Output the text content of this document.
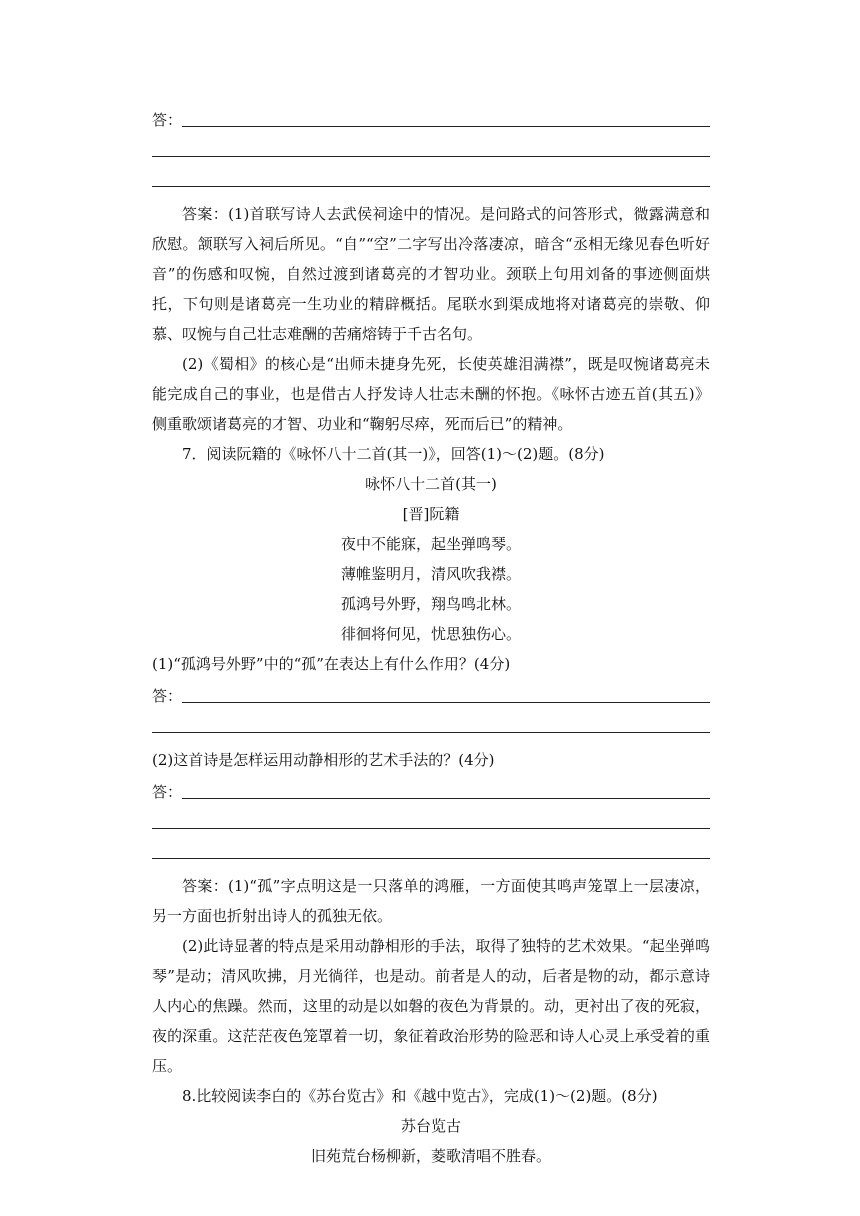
答：
答案：(1)首联写诗人去武侯祠途中的情况。是问路式的问答形式，微露满意和欣慰。颔联写入祠后所见。“自”“空”二字写出冷落凄凉，暗含“丞相无缘见春色听好音”的伤感和叹惋，自然过渡到诸葛亮的才智功业。颈联上句用刘备的事迹侧面烘托，下句则是诸葛亮一生功业的精辟概括。尾联水到渠成地将对诸葛亮的崇敬、仰慕、叹惋与自己壮志难酬的苦痛熔铸于千古名句。
(2)《蜀相》的核心是“出师未捷身先死，长使英雄泪满襟”，既是叹惋诸葛亮未能完成自己的事业，也是借古人抒发诗人壮志未酬的怀抱。《咏怀古迹五首(其五)》侧重歌颂诸葛亮的才智、功业和“鞠躬尽瘁，死而后已”的精神。
7．阅读阮籍的《咏怀八十二首(其一)》，回答(1)～(2)题。(8分)
咏怀八十二首(其一)
[晋]阮籍
夜中不能寐，起坐弹鸣琴。
薄帷鉴明月，清风吹我襟。
孤鸿号外野，翔鸟鸣北林。
徘徊将何见，忧思独伤心。
(1)“孤鸿号外野”中的“孤”在表达上有什么作用？(4分)
答：
(2)这首诗是怎样运用动静相形的艺术手法的？(4分)
答：
答案：(1)“孤”字点明这是一只落单的鸿雁，一方面使其鸣声笼罩上一层凄凉，另一方面也折射出诗人的孤独无依。
(2)此诗显著的特点是采用动静相形的手法，取得了独特的艺术效果。“起坐弹鸣琴”是动；清风吹拂，月光徜徉，也是动。前者是人的动，后者是物的动，都示意诗人内心的焦躁。然而，这里的动是以如磐的夜色为背景的。动，更衬出了夜的死寂，夜的深重。这茫茫夜色笼罩着一切，象征着政治形势的险恶和诗人心灵上承受着的重压。
8.比较阅读李白的《苏台览古》和《越中览古》，完成(1)～(2)题。(8分)
苏台览古
旧苑荒台杨柳新，菱歌清唱不胜春。
